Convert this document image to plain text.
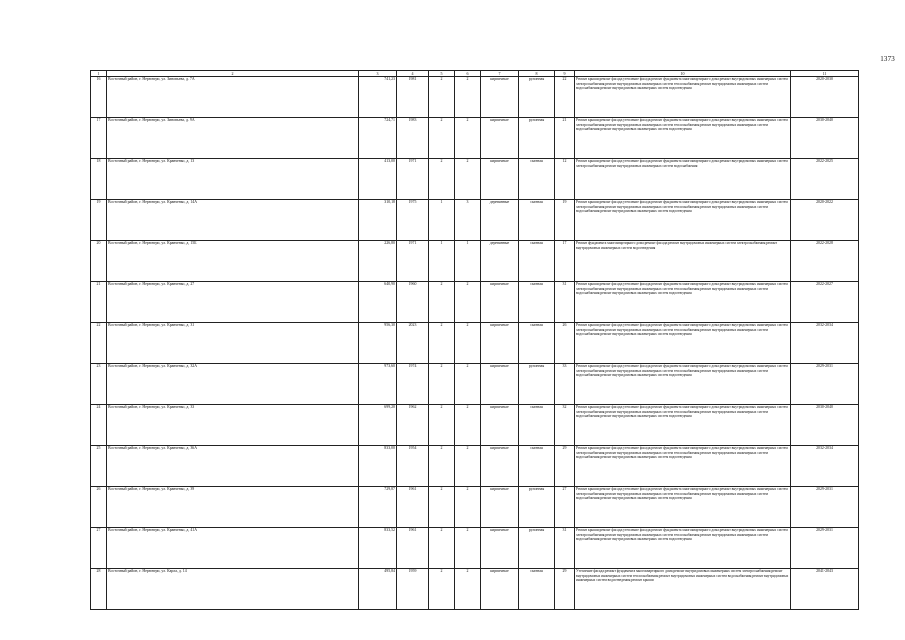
1373
1	2	3	4	5	6	7	8	9	10	11
16	Восточный район, г. Нерюнгри, ул. Зиновьева, д. 7А	741,23	1981	2	2	кирпичные	рулонная	22	Ремонт крыши;ремонт фасада;утепление фасада;ремонт фундамента многоквартирного дома;ремонт внутридомовых инженерных систем электроснабжения;ремонт внутридомовых инженерных систем теплоснабжения;ремонт внутридомовых инженерных систем водоснабжения;ремонт внутридомовых инженерных систем водоотведения	2020-2030
17	Восточный район, г. Нерюнгри, ул. Зиновьева, д. 9А	724,71	1983	2	2	кирпичные	рулонная	21	Ремонт крыши;ремонт фасада;утепление фасада;ремонт фундамента многоквартирного дома;ремонт внутридомовых инженерных систем электроснабжения;ремонт внутридомовых инженерных систем теплоснабжения;ремонт внутридомовых инженерных систем водоснабжения;ремонт внутридомовых инженерных систем водоотведения	2030-2040
18	Восточный район, г. Нерюнгри, ул. Кравченко, д. 13	413,00	1971	2	2	кирпичные	скатная	12	Ремонт крыши;ремонт фасада;утепление фасада;ремонт фундамента многоквартирного дома;ремонт внутридомовых инженерных систем электроснабжения;ремонт внутридомовых инженерных систем водоснабжения	2022-2025
19	Восточный район, г. Нерюнгри, ул. Кравченко, д. 14А	310,18	1975	1	3	деревянные	скатная	19	Ремонт крыши;ремонт фасада;утепление фасада;ремонт фундамента многоквартирного дома;ремонт внутридомовых инженерных систем электроснабжения;ремонт внутридомовых инженерных систем теплоснабжения;ремонт внутридомовых инженерных систем водоснабжения;ремонт внутридомовых инженерных систем водоотведения	2020-2022
20	Восточный район, г. Нерюнгри, ул. Кравченко, д. 15Б	226,80	1971	1	1	деревянные	скатная	17	Ремонт фундамента многоквартирного дома;ремонт фасада;ремонт внутридомовых инженерных систем электроснабжения;ремонт внутридомовых инженерных систем водоотведения	2022-2028
21	Восточный район, г. Нерюнгри, ул. Кравченко, д. 27	640,90	1960	2	2	кирпичные	скатная	31	Ремонт крыши;ремонт фасада;утепление фасада;ремонт фундамента многоквартирного дома;ремонт внутридомовых инженерных систем электроснабжения;ремонт внутридомовых инженерных систем теплоснабжения;ремонт внутридомовых инженерных систем водоснабжения;ремонт внутридомовых инженерных систем водоотведения	2022-2027
22	Восточный район, г. Нерюнгри, ул. Кравченко, д. 31	956,30	2023	2	2	кирпичные	скатная	26	Ремонт крыши;ремонт фасада;утепление фасада;ремонт фундамента многоквартирного дома;ремонт внутридомовых инженерных систем электроснабжения;ремонт внутридомовых инженерных систем теплоснабжения;ремонт внутридомовых инженерных систем водоснабжения;ремонт внутридомовых инженерных систем водоотведения	2032-2034
23	Восточный район, г. Нерюнгри, ул. Кравченко, д. 32А	973,60	1974	2	2	кирпичные	рулонная	33	Ремонт крыши;ремонт фасада;утепление фасада;ремонт фундамента многоквартирного дома;ремонт внутридомовых инженерных систем электроснабжения;ремонт внутридомовых инженерных систем теплоснабжения;ремонт внутридомовых инженерных систем водоснабжения;ремонт внутридомовых инженерных систем водоотведения	2029-2031
24	Восточный район, г. Нерюнгри, ул. Кравченко, д. 33	699,20	1962	2	2	кирпичные	скатная	32	Ремонт крыши;ремонт фасада;утепление фасада;ремонт фундамента многоквартирного дома;ремонт внутридомовых инженерных систем электроснабжения;ремонт внутридомовых инженерных систем теплоснабжения;ремонт внутридомовых инженерных систем водоснабжения;ремонт внутридомовых инженерных систем водоотведения	2030-2040
25	Восточный район, г. Нерюнгри, ул. Кравченко, д. 36А	833,00	1954	2	2	кирпичные	скатная	29	Ремонт крыши;ремонт фасада;утепление фасада;ремонт фундамента многоквартирного дома;ремонт внутридомовых инженерных систем электроснабжения;ремонт внутридомовых инженерных систем теплоснабжения;ремонт внутридомовых инженерных систем водоснабжения;ремонт внутридомовых инженерных систем водоотведения	2032-2034
26	Восточный район, г. Нерюнгри, ул. Кравченко, д. 39	729,87	1961	2	2	кирпичные	рулонная	27	Ремонт крыши;ремонт фасада;утепление фасада;ремонт фундамента многоквартирного дома;ремонт внутридомовых инженерных систем электроснабжения;ремонт внутридомовых инженерных систем теплоснабжения;ремонт внутридомовых инженерных систем водоснабжения;ремонт внутридомовых инженерных систем водоотведения	2029-2031
27	Восточный район, г. Нерюнгри, ул. Кравченко, д. 41А	833,52	1961	2	2	кирпичные	рулонная	31	Ремонт крыши;ремонт фасада;утепление фасада;ремонт фундамента многоквартирного дома;ремонт внутридомовых инженерных систем электроснабжения;ремонт внутридомовых инженерных систем теплоснабжения;ремонт внутридомовых инженерных систем водоснабжения;ремонт внутридомовых инженерных систем водоотведения	2029-2031
28	Восточный район, г. Нерюнгри, ул. Карла, д. 14	495,84	1959	2	2	кирпичные	скатная	29	Утепление фасада;ремонт фундамента многоквартирного дома;ремонт внутридомовых инженерных систем электроснабжения;ремонт внутридомовых инженерных систем теплоснабжения;ремонт внутридомовых инженерных систем водоснабжения;ремонт внутридомовых инженерных систем водоотведения;ремонт крыши	2041-2043
